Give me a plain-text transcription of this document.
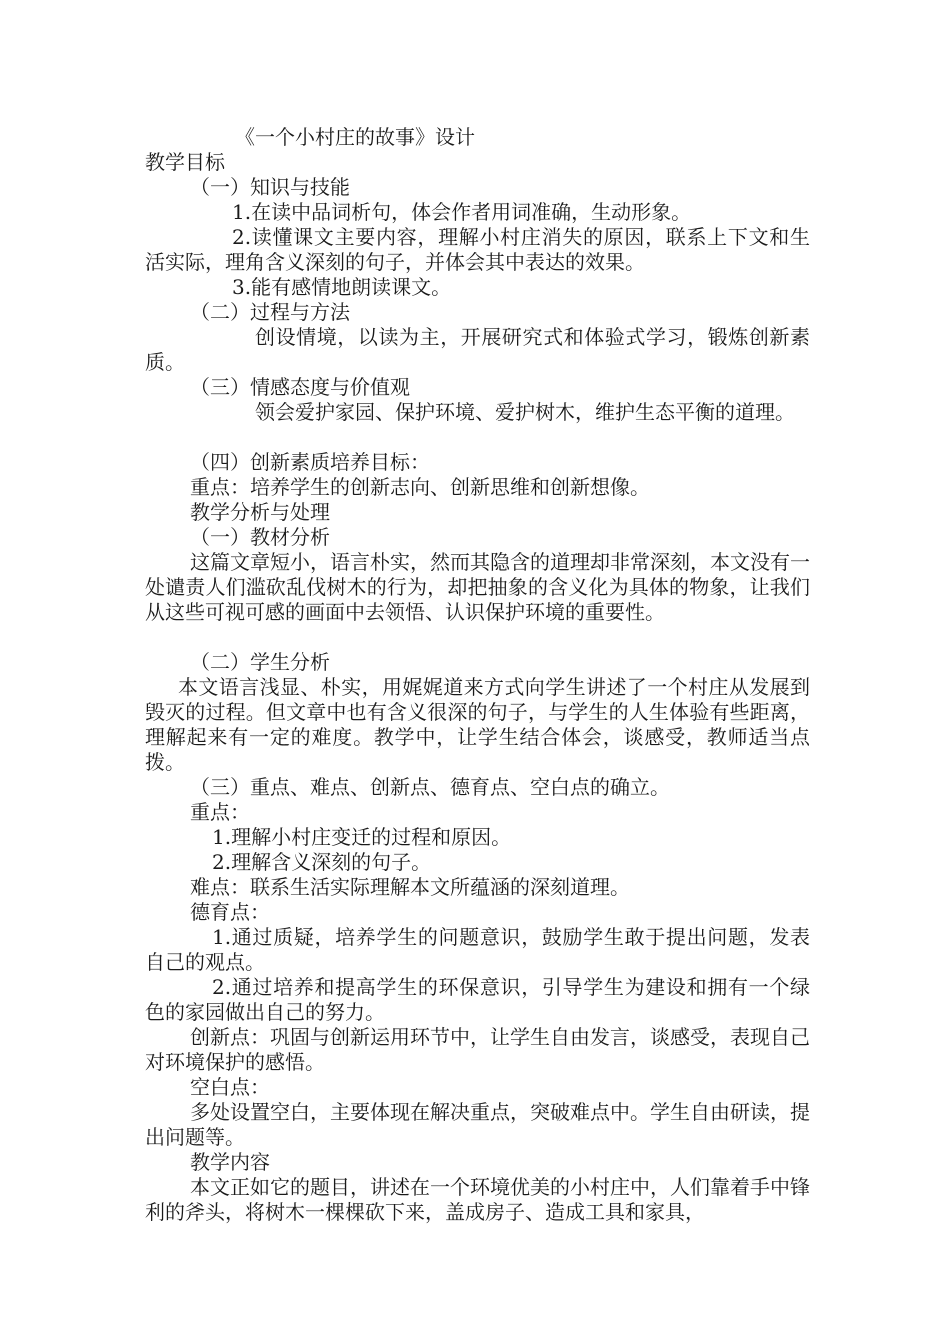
《一个小村庄的故事》设计
教学目标
（一）知识与技能
1.在读中品词析句，体会作者用词准确，生动形象。
2.读懂课文主要内容，理解小村庄消失的原因，联系上下文和生活实际，理角含义深刻的句子，并体会其中表达的效果。
3.能有感情地朗读课文。
（二）过程与方法
创设情境，以读为主，开展研究式和体验式学习，锻炼创新素质。
（三）情感态度与价值观
领会爱护家园、保护环境、爱护树木，维护生态平衡的道理。
（四）创新素质培养目标：
重点：培养学生的创新志向、创新思维和创新想像。
教学分析与处理
（一）教材分析
这篇文章短小，语言朴实，然而其隐含的道理却非常深刻，本文没有一处谴责人们滥砍乱伐树木的行为，却把抽象的含义化为具体的物象，让我们从这些可视可感的画面中去领悟、认识保护环境的重要性。
（二）学生分析
本文语言浅显、朴实，用娓娓道来方式向学生讲述了一个村庄从发展到毁灭的过程。但文章中也有含义很深的句子，与学生的人生体验有些距离，理解起来有一定的难度。教学中，让学生结合体会，谈感受，教师适当点拨。
（三）重点、难点、创新点、德育点、空白点的确立。
重点：
1.理解小村庄变迁的过程和原因。
2.理解含义深刻的句子。
难点：联系生活实际理解本文所蕴涵的深刻道理。
德育点：
1.通过质疑，培养学生的问题意识，鼓励学生敢于提出问题，发表自己的观点。
2.通过培养和提高学生的环保意识，引导学生为建设和拥有一个绿色的家园做出自己的努力。
创新点：巩固与创新运用环节中，让学生自由发言，谈感受，表现自己对环境保护的感悟。
空白点：
多处设置空白，主要体现在解决重点，突破难点中。学生自由研读，提出问题等。
教学内容
本文正如它的题目，讲述在一个环境优美的小村庄中，人们靠着手中锋利的斧头，将树木一棵棵砍下来，盖成房子、造成工具和家具，
